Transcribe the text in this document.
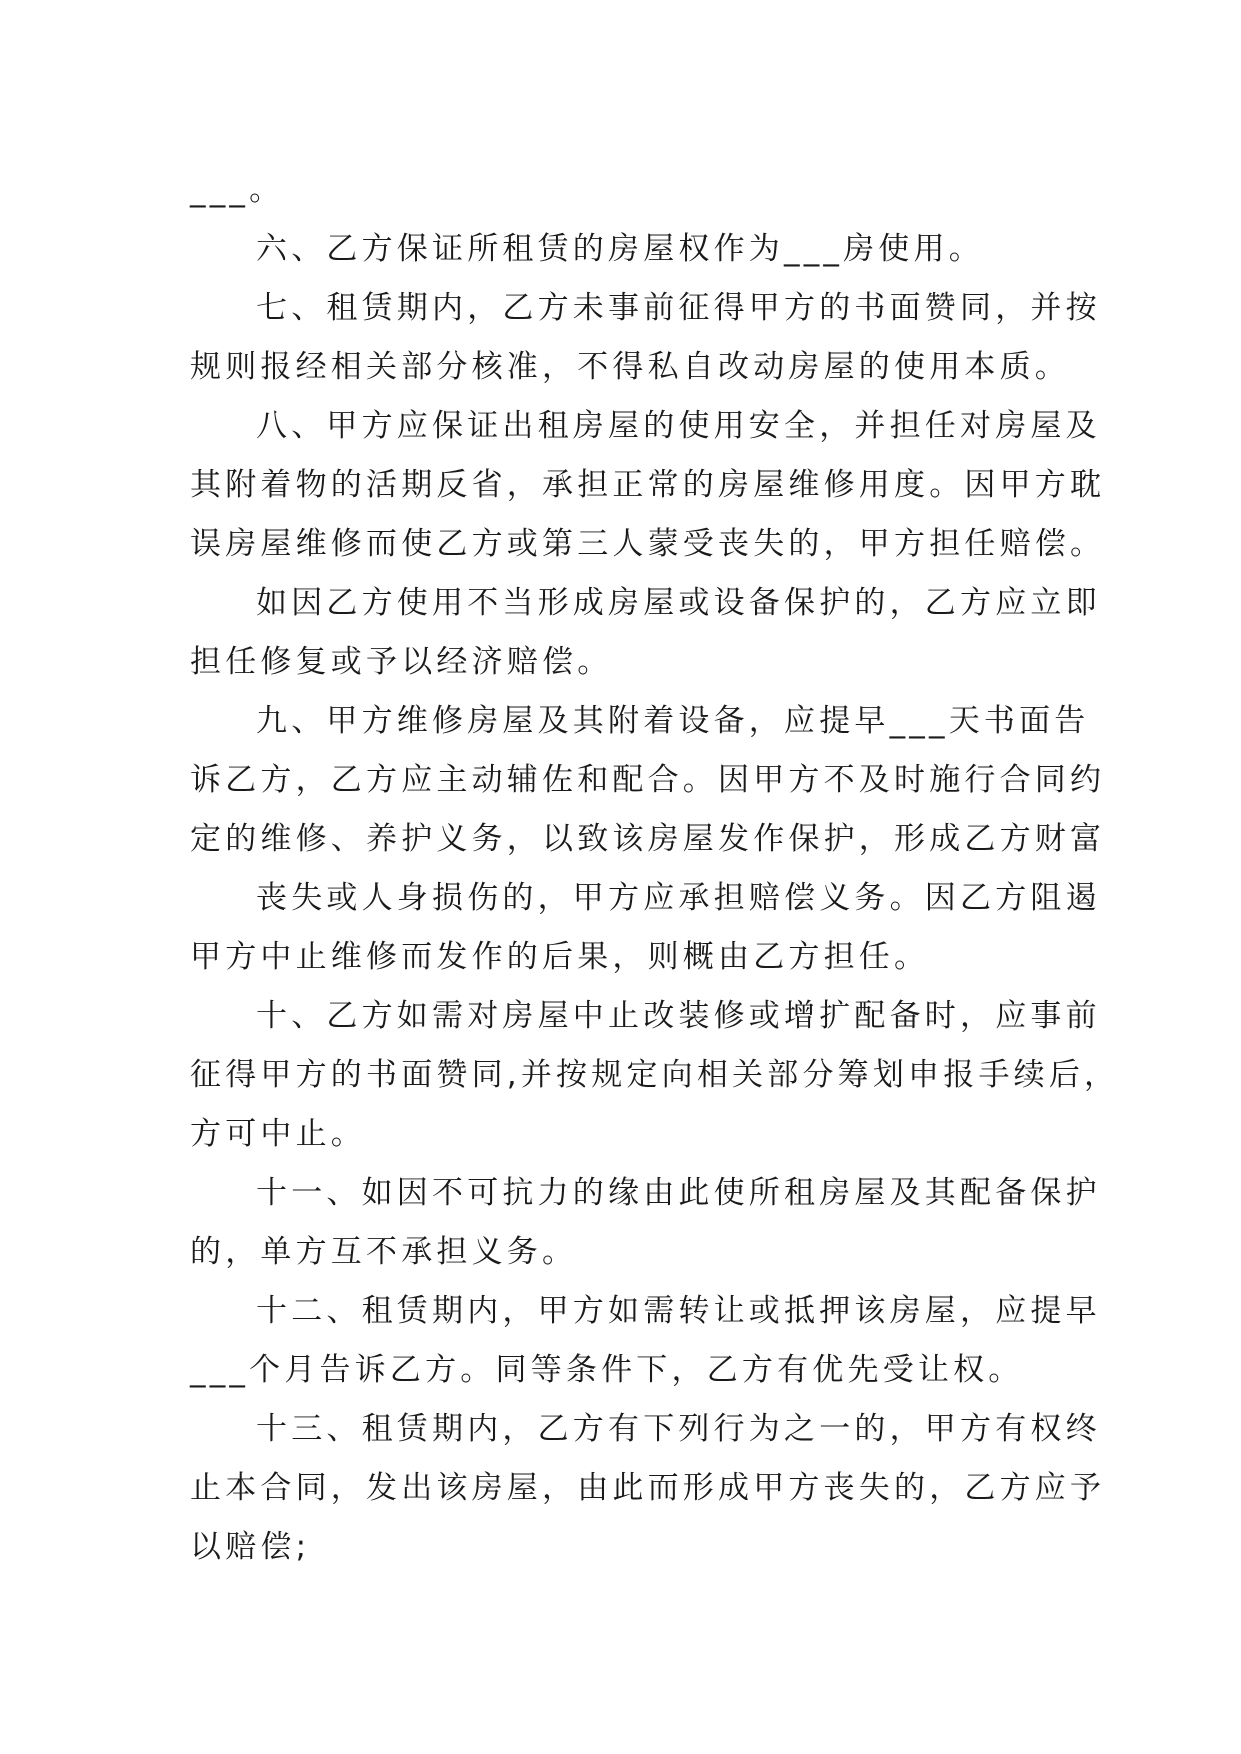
___。
六、乙方保证所租赁的房屋权作为___房使用。
七、租赁期内，乙方未事前征得甲方的书面赞同，并按
规则报经相关部分核准，不得私自改动房屋的使用本质。
八、甲方应保证出租房屋的使用安全，并担任对房屋及
其附着物的活期反省，承担正常的房屋维修用度。因甲方耽
误房屋维修而使乙方或第三人蒙受丧失的，甲方担任赔偿。
如因乙方使用不当形成房屋或设备保护的，乙方应立即
担任修复或予以经济赔偿。
九、甲方维修房屋及其附着设备，应提早___天书面告
诉乙方，乙方应主动辅佐和配合。因甲方不及时施行合同约
定的维修、养护义务，以致该房屋发作保护，形成乙方财富
丧失或人身损伤的，甲方应承担赔偿义务。因乙方阻遏
甲方中止维修而发作的后果，则概由乙方担任。
十、乙方如需对房屋中止改装修或增扩配备时，应事前
征得甲方的书面赞同,并按规定向相关部分筹划申报手续后，
方可中止。
十一、如因不可抗力的缘由此使所租房屋及其配备保护
的，单方互不承担义务。
十二、租赁期内，甲方如需转让或抵押该房屋，应提早
___个月告诉乙方。同等条件下，乙方有优先受让权。
十三、租赁期内，乙方有下列行为之一的，甲方有权终
止本合同，发出该房屋，由此而形成甲方丧失的，乙方应予
以赔偿;
